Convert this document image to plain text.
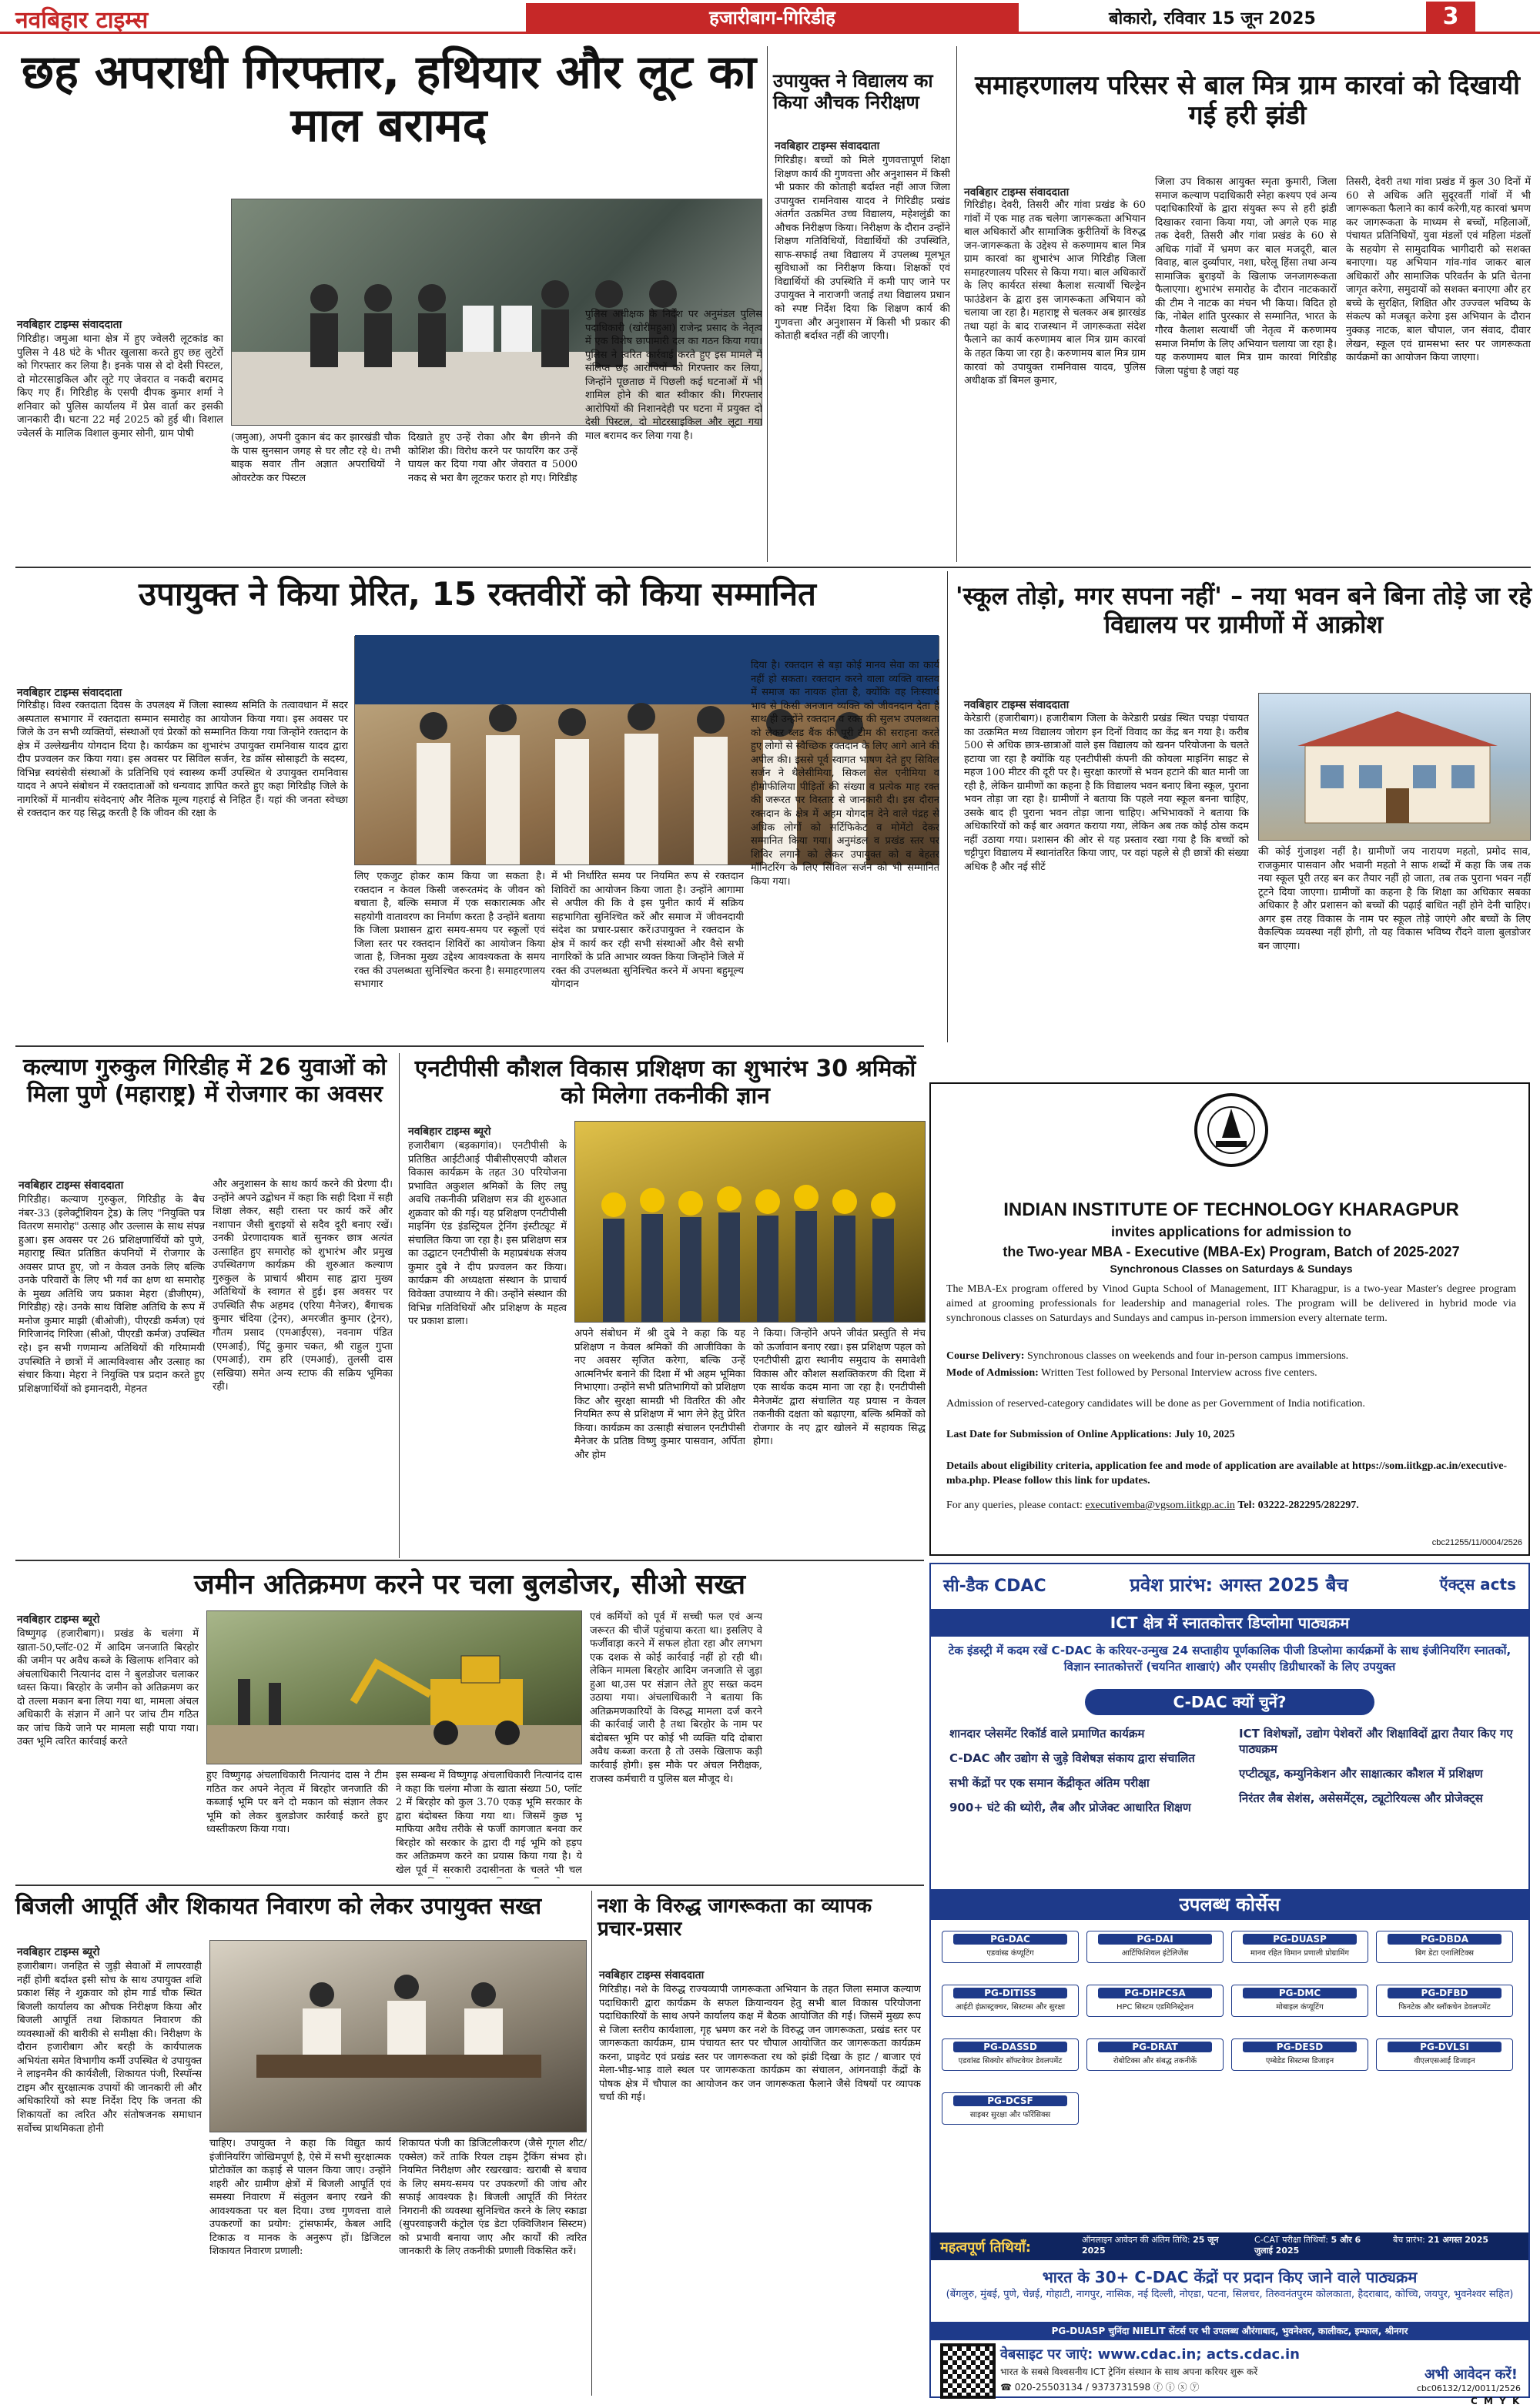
नवबिहार टाइम्स	हजारीबाग-गिरिडीह	बोकारो, रविवार 15 जून 2025	3
छह अपराधी गिरफ्तार, हथियार और लूट का माल बरामद
नवबिहार टाइम्स संवाददाता
गिरिडीह। जमुआ थाना क्षेत्र में हुए ज्वेलरी लूटकांड का पुलिस ने 48 घंटे के भीतर खुलासा करते हुए छह लुटेरों को गिरफ्तार कर लिया है। इनके पास से दो देसी पिस्टल, दो मोटरसाइकिल और लूटे गए जेवरात व नकदी बरामद किए गए हैं। गिरिडीह के एसपी दीपक कुमार शर्मा ने शनिवार को पुलिस कार्यालय में प्रेस वार्ता कर इसकी जानकारी दी। घटना 22 मई 2025 को हुई थी। विशाल ज्वेलर्स के मालिक विशाल कुमार सोनी, ग्राम पोषी	(जमुआ), अपनी दुकान बंद कर झारखंडी चौक के पास सुनसान जगह से घर लौट रहे थे। तभी बाइक सवार तीन अज्ञात अपराधियों ने ओवरटेक कर पिस्टल
दिखाते हुए उन्हें रोका और बैग छीनने की कोशिश की। विरोध करने पर फायरिंग कर उन्हें घायल कर दिया गया और जेवरात व 5000 नकद से भरा बैग लूटकर फरार हो गए। गिरिडीह
पुलिस अधीक्षक के निर्देश पर अनुमंडल पुलिस पदाधिकारी (खोरीमहुआ) राजेन्द्र प्रसाद के नेतृत्व में एक विशेष छापामारी दल का गठन किया गया। पुलिस ने त्वरित कार्रवाई करते हुए इस मामले में संलिप्त छह आरोपियों को गिरफ्तार कर लिया, जिन्होंने पूछताछ में पिछली कई घटनाओं में भी शामिल होने की बात स्वीकार की। गिरफ्तार आरोपियों की निशानदेही पर घटना में प्रयुक्त दो देसी पिस्टल, दो मोटरसाइकिल और लूटा गया माल बरामद कर लिया गया है।
उपायुक्त ने विद्यालय का किया औचक निरीक्षण
नवबिहार टाइम्स संवाददाता
गिरिडीह। बच्चों को मिले गुणवत्तापूर्ण शिक्षा शिक्षण कार्य की गुणवत्ता और अनुशासन में किसी भी प्रकार की कोताही बर्दाश्त नहीं आज जिला उपायुक्त रामनिवास यादव ने गिरिडीह प्रखंड अंतर्गत उत्क्रमित उच्च विद्यालय, महेशलुंडी का औचक निरीक्षण किया। निरीक्षण के दौरान उन्होंने शिक्षण गतिविधियों, विद्यार्थियों की उपस्थिति, साफ-सफाई तथा विद्यालय में उपलब्ध मूलभूत सुविधाओं का निरीक्षण किया। शिक्षकों एवं विद्यार्थियों की उपस्थिति में कमी पाए जाने पर उपायुक्त ने नाराजगी जताई तथा विद्यालय प्रधान को स्पष्ट निर्देश दिया कि शिक्षण कार्य की गुणवत्ता और अनुशासन में किसी भी प्रकार की कोताही बर्दाश्त नहीं की जाएगी।
समाहरणालय परिसर से बाल मित्र ग्राम कारवां को दिखायी गई हरी झंडी
नवबिहार टाइम्स संवाददाता
गिरिडीह। देवरी, तिसरी और गांवा प्रखंड के 60 गांवों में एक माह तक चलेगा जागरूकता अभियान बाल अधिकारों और सामाजिक कुरीतियों के विरुद्ध जन-जागरूकता के उद्देश्य से करुणामय बाल मित्र ग्राम कारवां का शुभारंभ आज गिरिडीह जिला समाहरणालय परिसर से किया गया। बाल अधिकारों के लिए कार्यरत संस्था कैलाश सत्यार्थी चिल्ड्रेन फाउंडेशन के द्वारा इस जागरूकता अभियान को चलाया जा रहा है। महाराष्ट्र से चलकर अब झारखंड तथा यहां के बाद राजस्थान में जागरूकता संदेश फैलाने का कार्य करुणामय बाल मित्र ग्राम कारवां के तहत किया जा रहा है। करुणामय बाल मित्र ग्राम कारवां को उपायुक्त रामनिवास यादव, पुलिस अधीक्षक डॉ बिमल कुमार,
जिला उप विकास आयुक्त स्मृता कुमारी, जिला समाज कल्याण पदाधिकारी स्नेहा कश्यप एवं अन्य पदाधिकारियों के द्वारा संयुक्त रूप से हरी झंडी दिखाकर रवाना किया गया, जो अगले एक माह तक देवरी, तिसरी और गांवा प्रखंड के 60 से अधिक गांवों में भ्रमण कर बाल मजदूरी, बाल विवाह, बाल दुर्व्यापार, नशा, घरेलू हिंसा तथा अन्य सामाजिक बुराइयों के खिलाफ जनजागरूकता फैलाएगा। शुभारंभ समारोह के दौरान नाटककारों की टीम ने नाटक का मंचन भी किया। विदित हो कि, नोबेल शांति पुरस्कार से सम्मानित, भारत के गौरव कैलाश सत्यार्थी जी नेतृत्व में करुणामय समाज निर्माण के लिए अभियान चलाया जा रहा है। यह करुणामय बाल मित्र ग्राम कारवां गिरिडीह जिला पहुंचा है जहां यह
तिसरी, देवरी तथा गांवा प्रखंड में कुल 30 दिनों में 60 से अधिक अति सुदूरवर्ती गांवों में भी जागरूकता फैलाने का कार्य करेगी,यह कारवां भ्रमण कर जागरूकता के माध्यम से बच्चों, महिलाओं, पंचायत प्रतिनिधियों, युवा मंडलों एवं महिला मंडलों के सहयोग से सामुदायिक भागीदारी को सशक्त बनाएगा। यह अभियान गांव-गांव जाकर बाल अधिकारों और सामाजिक परिवर्तन के प्रति चेतना जागृत करेगा, समुदायों को सशक्त बनाएगा और हर बच्चे के सुरक्षित, शिक्षित और उज्ज्वल भविष्य के संकल्प को मजबूत करेगा इस अभियान के दौरान नुक्कड़ नाटक, बाल चौपाल, जन संवाद, दीवार लेखन, स्कूल एवं ग्रामसभा स्तर पर जागरूकता कार्यक्रमों का आयोजन किया जाएगा।
उपायुक्त ने किया प्रेरित, 15 रक्तवीरों को किया सम्मानित
नवबिहार टाइम्स संवाददाता
गिरिडीह। विश्व रक्तदाता दिवस के उपलक्ष्य में जिला स्वास्थ्य समिति के तत्वावधान में सदर अस्पताल सभागार में रक्तदाता सम्मान समारोह का आयोजन किया गया। इस अवसर पर जिले के उन सभी व्यक्तियों, संस्थाओं एवं प्रेरकों को सम्मानित किया गया जिन्होंने रक्तदान के क्षेत्र में उल्लेखनीय योगदान दिया है। कार्यक्रम का शुभारंभ उपायुक्त रामनिवास यादव द्वारा दीप प्रज्वलन कर किया गया। इस अवसर पर सिविल सर्जन, रेड क्रॉस सोसाइटी के सदस्य, विभिन्न स्वयंसेवी संस्थाओं के प्रतिनिधि एवं स्वास्थ्य कर्मी उपस्थित थे उपायुक्त रामनिवास यादव ने अपने संबोधन में रक्तदाताओं को धन्यवाद ज्ञापित करते हुए कहा गिरिडीह जिले के नागरिकों में मानवीय संवेदनाएं और नैतिक मूल्य गहराई से निहित हैं। यहां की जनता स्वेच्छा से रक्तदान कर यह सिद्ध करती है कि जीवन की रक्षा के
लिए एकजुट होकर काम किया जा सकता है। रक्तदान न केवल किसी जरूरतमंद के जीवन को बचाता है, बल्कि समाज में एक सकारात्मक और सहयोगी वातावरण का निर्माण करता है उन्होंने बताया कि जिला प्रशासन द्वारा समय-समय पर स्कूलों एवं जिला स्तर पर रक्तदान शिविरों का आयोजन किया जाता है, जिनका मुख्य उद्देश्य आवश्यकता के समय रक्त की उपलब्धता सुनिश्चित करना है। समाहरणालय सभागार
में भी निर्धारित समय पर नियमित रूप से रक्तदान शिविरों का आयोजन किया जाता है। उन्होंने आगामा से अपील की कि वे इस पुनीत कार्य में सक्रिय सहभागिता सुनिश्चित करें और समाज में जीवनदायी संदेश का प्रचार-प्रसार करें।उपायुक्त ने रक्तदान के क्षेत्र में कार्य कर रही सभी संस्थाओं और वैसे सभी नागरिकों के प्रति आभार व्यक्त किया जिन्होंने जिले में रक्त की उपलब्धता सुनिश्चित करने में अपना बहुमूल्य योगदान
दिया है। रक्तदान से बड़ा कोई मानव सेवा का कार्य नहीं हो सकता। रक्तदान करने वाला व्यक्ति वास्तव में समाज का नायक होता है, क्योंकि वह निःस्वार्थ भाव से किसी अनजान व्यक्ति को जीवनदान देता है साथ ही उन्होंने रक्तदान व रक्त की सुलभ उपलब्धता को लेकर ब्लड बैंक की पूरी टीम की सराहना करते हुए लोगों से स्वैच्छिक रक्तदान के लिए आगे आने की अपील की। इससे पूर्व स्वागत भाषण देते हुए सिविल सर्जन ने थैलेसीमिया, सिकल सेल एनीमिया व हीमोफीलिया पीड़ितों की संख्या व प्रत्येक माह रक्त की जरूरत पर विस्तार से जानकारी दी। इस दौरान रक्तदान के क्षेत्र में अहम योगदान देने वाले पंद्रह से अधिक लोगों को सर्टिफिकेट व मोमेंटो देकर सम्मानित किया गया। अनुमंडल व प्रखंड स्तर पर शिविर लगाने को लेकर उपायुक्त को व बेहतर मॉनिटरिंग के लिए सिविल सर्जन को भी सम्मानित किया गया।
'स्कूल तोड़ो, मगर सपना नहीं' – नया भवन बने बिना तोड़े जा रहे विद्यालय पर ग्रामीणों में आक्रोश
नवबिहार टाइम्स संवाददाता
केरेडारी (हजारीबाग)। हजारीबाग जिला के केरेडारी प्रखंड स्थित पचड़ा पंचायत का उत्क्रमित मध्य विद्यालय जोराग इन दिनों विवाद का केंद्र बन गया है। करीब 500 से अधिक छात्र-छात्राओं वाले इस विद्यालय को खनन परियोजना के चलते हटाया जा रहा है क्योंकि यह एनटीपीसी कंपनी की कोयला माइनिंग साइट से महज 100 मीटर की दूरी पर है। सुरक्षा कारणों से भवन हटाने की बात मानी जा रही है, लेकिन ग्रामीणों का कहना है कि विद्यालय भवन बनाए बिना स्कूल, पुराना भवन तोड़ा जा रहा है। ग्रामीणों ने बताया कि पहले नया स्कूल बनना चाहिए, उसके बाद ही पुराना भवन तोड़ा जाना चाहिए। अभिभावकों ने बताया कि अधिकारियों को कई बार अवगत कराया गया, लेकिन अब तक कोई ठोस कदम नहीं उठाया गया। प्रशासन की ओर से यह प्रस्ताव रखा गया है कि बच्चों को चट्टीपुरा विद्यालय में स्थानांतरित किया जाए, पर वहां पहले से ही छात्रों की संख्या अधिक है और नई सीटें
की कोई गुंजाइश नहीं है। ग्रामीणों जय नारायण महतो, प्रमोद साव, राजकुमार पासवान और भवानी महतो ने साफ शब्दों में कहा कि जब तक नया स्कूल पूरी तरह बन कर तैयार नहीं हो जाता, तब तक पुराना भवन नहीं टूटने दिया जाएगा। ग्रामीणों का कहना है कि शिक्षा का अधिकार सबका अधिकार है और प्रशासन को बच्चों की पढ़ाई बाधित नहीं होने देनी चाहिए। अगर इस तरह विकास के नाम पर स्कूल तोड़े जाएंगे और बच्चों के लिए वैकल्पिक व्यवस्था नहीं होगी, तो यह विकास भविष्य रौंदने वाला बुलडोजर बन जाएगा।
कल्याण गुरुकुल गिरिडीह में 26 युवाओं को मिला पुणे (महाराष्ट्र) में रोजगार का अवसर
नवबिहार टाइम्स संवाददाता
गिरिडीह। कल्याण गुरुकुल, गिरिडीह के बैच नंबर-33 (इलेक्ट्रीशियन ट्रेड) के लिए "नियुक्ति पत्र वितरण समारोह" उत्साह और उल्लास के साथ संपन्न हुआ। इस अवसर पर 26 प्रशिक्षणार्थियों को पुणे, महाराष्ट्र स्थित प्रतिष्ठित कंपनियों में रोजगार के अवसर प्राप्त हुए, जो न केवल उनके लिए बल्कि उनके परिवारों के लिए भी गर्व का क्षण था समारोह के मुख्य अतिथि जय प्रकाश मेहरा (डीजीएम), गिरिडीह) रहे। उनके साथ विशिष्ट अतिथि के रूप में मनोज कुमार माझी (बीओजी), पीएरडी कर्मज) एवं गिरिजानंद गिरिजा (सीओ, पीएरडी कर्मज) उपस्थित रहे। इन सभी गणमान्य अतिथियों की गरिमामयी उपस्थिति ने छात्रों में आत्मविश्वास और उत्साह का संचार किया। मेहरा ने नियुक्ति पत्र प्रदान करते हुए प्रशिक्षणार्थियों को इमानदारी, मेहनत
और अनुशासन के साथ कार्य करने की प्रेरणा दी। उन्होंने अपने उद्बोधन में कहा कि सही दिशा में सही शिक्षा लेकर, सही रास्ता पर कार्य करें और नशापान जैसी बुराइयों से सदैव दूरी बनाए रखें। उनकी प्रेरणादायक बातें सुनकर छात्र अत्यंत उत्साहित हुए समारोह को शुभारंभ और प्रमुख उपस्थितगण कार्यक्रम की शुरुआत कल्याण गुरुकुल के प्राचार्य श्रीराम साह द्वारा मुख्य अतिथियों के स्वागत से हुई। इस अवसर पर उपस्थिति सैफ अहमद (एरिया मैनेजर), बैंगाचक कुमार चंदिया (ट्रेनर), अमरजीत कुमार (ट्रेनर), गौतम प्रसाद (एमआईएस), नवनाम पंडित (एमआई), पिंटू कुमार चकत, श्री राहुल गुप्ता (एमआई), राम हरि (एमआई), तुलसी दास (सखिया) समेत अन्य स्टाफ की सक्रिय भूमिका रही।
एनटीपीसी कौशल विकास प्रशिक्षण का शुभारंभ 30 श्रमिकों को मिलेगा तकनीकी ज्ञान
नवबिहार टाइम्स ब्यूरो
हजारीबाग (बड़कागांव)। एनटीपीसी के प्रतिष्ठित आईटीआई पीबीसीएसएपी कौशल विकास कार्यक्रम के तहत 30 परियोजना प्रभावित अकुशल श्रमिकों के लिए लघु अवधि तकनीकी प्रशिक्षण सत्र की शुरुआत शुक्रवार को की गई। यह प्रशिक्षण एनटीपीसी माइनिंग एंड इंडस्ट्रियल ट्रेनिंग इंस्टीट्यूट में संचालित किया जा रहा है। इस प्रशिक्षण सत्र का उद्घाटन एनटीपीसी के महाप्रबंधक संजय कुमार दुबे ने दीप प्रज्वलन कर किया। कार्यक्रम की अध्यक्षता संस्थान के प्राचार्य विवेक्ता उपाध्याय ने की। उन्होंने संस्थान की विभिन्न गतिविधियों और प्रशिक्षण के महत्व पर प्रकाश डाला।
अपने संबोधन में श्री दुबे ने कहा कि यह प्रशिक्षण न केवल श्रमिकों की आजीविका के नए अवसर सृजित करेगा, बल्कि उन्हें आत्मनिर्भर बनाने की दिशा में भी अहम भूमिका निभाएगा। उन्होंने सभी प्रतिभागियों को प्रशिक्षण किट और सुरक्षा सामग्री भी वितरित की और नियमित रूप से प्रशिक्षण में भाग लेने हेतु प्रेरित किया। कार्यक्रम का उत्साही संचालन एनटीपीसी मैनेजर के प्रतिष्ठ विष्णु कुमार पासवान, अर्पिता और होम
ने किया। जिन्होंने अपने जीवंत प्रस्तुति से मंच को ऊर्जावान बनाए रखा। इस प्रशिक्षण पहल को एनटीपीसी द्वारा स्थानीय समुदाय के समावेशी विकास और कौशल सशक्तिकरण की दिशा में एक सार्थक कदम माना जा रहा है। एनटीपीसी मैनेजमेंट द्वारा संचालित यह प्रयास न केवल तकनीकी दक्षता को बढ़ाएगा, बल्कि श्रमिकों को रोजगार के नए द्वार खोलने में सहायक सिद्ध होगा।
INDIAN INSTITUTE OF TECHNOLOGY KHARAGPUR
invites applications for admission to
the Two-year MBA - Executive (MBA-Ex) Program, Batch of 2025-2027
Synchronous Classes on Saturdays & Sundays
The MBA-Ex program offered by Vinod Gupta School of Management, IIT Kharagpur, is a two-year Master's degree program aimed at grooming professionals for leadership and managerial roles. The program will be delivered in hybrid mode via synchronous classes on Saturdays and Sundays and campus in-person immersion every alternate term.
Course Delivery: Synchronous classes on weekends and four in-person campus immersions.
Mode of Admission: Written Test followed by Personal Interview across five centers.
Admission of reserved-category candidates will be done as per Government of India notification.
Last Date for Submission of Online Applications: July 10, 2025
Details about eligibility criteria, application fee and mode of application are available at https://som.iitkgp.ac.in/executive-mba.php. Please follow this link for updates.
For any queries, please contact: executivemba@vgsom.iitkgp.ac.in Tel: 03222-282295/282297.
cbc21255/11/0004/2526
जमीन अतिक्रमण करने पर चला बुलडोजर, सीओ सख्त
नवबिहार टाइम्स ब्यूरो
विष्णुगढ़ (हजारीबाग)। प्रखंड के चलंगा में खाता-50,प्लॉट-02 में आदिम जनजाति बिरहोर की जमीन पर अवैध कब्जे के खिलाफ शनिवार को अंचलाधिकारी नित्यानंद दास ने बुलडोजर चलाकर ध्वस्त किया। बिरहोर के जमीन को अतिक्रमण कर दो तल्ला मकान बना लिया गया था, मामला अंचल अधिकारी के संज्ञान में आने पर जांच टीम गठित कर जांच किये जाने पर मामला सही पाया गया। उक्त भूमि त्वरित कार्रवाई करते
हुए विष्णुगढ़ अंचलाधिकारी नित्यानंद दास ने टीम गठित कर अपने नेतृत्व में बिरहोर जनजाति की कब्जाई भूमि पर बने दो मकान को संज्ञान लेकर भूमि को लेकर बुलडोजर कार्रवाई करते हुए ध्वस्तीकरण किया गया।
इस सम्बन्ध में विष्णुगढ़ अंचलाधिकारी नित्यानंद दास ने कहा कि चलंगा मौजा के खाता संख्या 50, प्लॉट 2 में बिरहोर को कुल 3.70 एकड़ भूमि सरकार के द्वारा बंदोबस्त किया गया था। जिसमें कुछ भू माफिया अवैध तरीके से फर्जी कागजात बनवा कर बिरहोर को सरकार के द्वारा दी गई भूमि को हड़प कर अतिक्रमण करने का प्रयास किया गया है। ये खेल पूर्व में सरकारी उदासीनता के चलते भी चल
एवं कर्मियों को पूर्व में सच्ची फल एवं अन्य जरूरत की चीजें पहुंचाया करता था। इसलिए वे फर्जीवाड़ा करने में सफल होता रहा और लगभग एक दशक से कोई कार्रवाई नहीं हो रही थी।लेकिन मामला बिरहोर आदिम जनजाति से जुड़ा हुआ था,उस पर संज्ञान लेते हुए सख्त कदम उठाया गया। अंचलाधिकारी ने बताया कि अतिक्रमणकारियों के विरुद्ध मामला दर्ज करने की कार्रवाई जारी है तथा बिरहोर के नाम पर बंदोबस्त भूमि पर कोई भी व्यक्ति यदि दोबारा अवैध कब्जा करता है तो उसके खिलाफ कड़ी कार्रवाई होगी। इस मौके पर अंचल निरीक्षक, राजस्व कर्मचारी व पुलिस बल मौजूद थे।
बिजली आपूर्ति और शिकायत निवारण को लेकर उपायुक्त सख्त
नवबिहार टाइम्स ब्यूरो
हजारीबाग। जनहित से जुड़ी सेवाओं में लापरवाही नहीं होगी बर्दाश्त इसी सोच के साथ उपायुक्त शशि प्रकाश सिंह ने शुक्रवार को होम गार्ड चौक स्थित बिजली कार्यालय का औचक निरीक्षण किया और बिजली आपूर्ति तथा शिकायत निवारण की व्यवस्थाओं की बारीकी से समीक्षा की। निरीक्षण के दौरान हजारीबाग और बरही के कार्यपालक अभियंता समेत विभागीय कर्मी उपस्थित थे उपायुक्त ने लाइनमैन की कार्यशैली, शिकायत पंजी, रिस्पॉन्स टाइम और सुरक्षात्मक उपायों की जानकारी ली और अधिकारियों को स्पष्ट निर्देश दिए कि जनता की शिकायतों का त्वरित और संतोषजनक समाधान सर्वोच्च प्राथमिकता होनी
चाहिए। उपायुक्त ने कहा कि विद्युत कार्य इंजीनियरिंग जोखिमपूर्ण है, ऐसे में सभी सुरक्षात्मक प्रोटोकॉल का कड़ाई से पालन किया जाए। उन्होंने शहरी और ग्रामीण क्षेत्रों में बिजली आपूर्ति एवं समस्या निवारण में संतुलन बनाए रखने की आवश्यकता पर बल दिया। उच्च गुणवत्ता वाले उपकरणों का प्रयोग: ट्रांसफार्मर, केबल आदि टिकाऊ व मानक के अनुरूप हों। डिजिटल शिकायत निवारण प्रणाली:
शिकायत पंजी का डिजिटलीकरण (जैसे गूगल शीट/एक्सेल) करें ताकि रियल टाइम ट्रैकिंग संभव हो। नियमित निरीक्षण और रखरखाव: खराबी से बचाव के लिए समय-समय पर उपकरणों की जांच और सफाई आवश्यक है। बिजली आपूर्ति की निरंतर निगरानी की व्यवस्था सुनिश्चित करने के लिए स्काडा (सुपरवाइजरी कंट्रोल एंड डेटा एक्विजिशन सिस्टम) को प्रभावी बनाया जाए और कार्यों की त्वरित जानकारी के लिए तकनीकी प्रणाली विकसित करें।
नशा के विरुद्ध जागरूकता का व्यापक प्रचार-प्रसार
नवबिहार टाइम्स संवाददाता
गिरिडीह। नशे के विरुद्ध राज्यव्यापी जागरूकता अभियान के तहत जिला समाज कल्याण पदाधिकारी द्वारा कार्यक्रम के सफल क्रियान्वयन हेतु सभी बाल विकास परियोजना पदाधिकारियों के साथ अपने कार्यालय कक्ष में बैठक आयोजित की गई। जिसमें मुख्य रूप से जिला स्तरीय कार्यशाला, गृह भ्रमण कर नशे के विरुद्ध जन जागरूकता, प्रखंड स्तर पर जागरूकता कार्यक्रम, ग्राम पंचायत स्तर पर चौपाल आयोजित कर जागरूकता कार्यक्रम करना, प्राइवेट एवं प्रखंड स्तर पर जागरूकता रथ को झंडी दिखा के हाट / बाजार एवं मेला-भीड़-भाड़ वाले स्थल पर जागरूकता कार्यक्रम का संचालन, आंगनवाड़ी केंद्रों के पोषक क्षेत्र में चौपाल का आयोजन कर जन जागरूकता फैलाने जैसे विषयों पर व्यापक चर्चा की गई।
सी-डैक CDAC	प्रवेश प्रारंभ: अगस्त 2025 बैच	ऍक्ट्स acts
ICT क्षेत्र में स्नातकोत्तर डिप्लोमा पाठ्यक्रम
टेक इंडस्ट्री में कदम रखें C-DAC के करियर-उन्मुख 24 सप्ताहीय पूर्णकालिक पीजी डिप्लोमा कार्यक्रमों के साथ इंजीनियरिंग स्नातकों, विज्ञान स्नातकोत्तरों (चयनित शाखाएं) और एमसीए डिग्रीधारकों के लिए उपयुक्त
C-DAC क्यों चुनें?
शानदार प्लेसमेंट रिकॉर्ड वाले प्रमाणित कार्यक्रम
C-DAC और उद्योग से जुड़े विशेषज्ञ संकाय द्वारा संचालित
सभी केंद्रों पर एक समान केंद्रीकृत अंतिम परीक्षा
900+ घंटे की थ्योरी, लैब और प्रोजेक्ट आधारित शिक्षण
ICT विशेषज्ञों, उद्योग पेशेवरों और शिक्षाविदों द्वारा तैयार किए गए पाठ्यक्रम
एप्टीट्यूड, कम्युनिकेशन और साक्षात्कार कौशल में प्रशिक्षण
निरंतर लैब सेशंस, असेसमेंट्स, ट्यूटोरियल्स और प्रोजेक्ट्स
उपलब्ध कोर्सेस
PG-DAC
एडवांस्ड कंप्यूटिंग
PG-DAI
आर्टिफिशियल इंटेलिजेंस
PG-DUASP
मानव रहित विमान प्रणाली प्रोग्रामिंग
PG-DBDA
बिग डेटा एनालिटिक्स
PG-DITISS
आईटी इंफ्रास्ट्रक्चर, सिस्टम्स और सुरक्षा
PG-DHPCSA
HPC सिस्टम एडमिनिस्ट्रेशन
PG-DMC
मोबाइल कंप्यूटिंग
PG-DFBD
फिनटेक और ब्लॉकचेन डेवलपमेंट
PG-DASSD
एडवांस्ड सिक्योर सॉफ्टवेयर डेवलपमेंट
PG-DRAT
रोबोटिक्स और संबद्ध तकनीकें
PG-DESD
एम्बेडेड सिस्टम्स डिजाइन
PG-DVLSI
वीएलएसआई डिजाइन
PG-DCSF
साइबर सुरक्षा और फॉरेंसिक्स
महत्वपूर्ण तिथियाँ:	ऑनलाइन आवेदन की अंतिम तिथि: 25 जून 2025
C-CAT परीक्षा तिथियाँ: 5 और 6 जुलाई 2025
बैच प्रारंभ: 21 अगस्त 2025
भारत के 30+ C-DAC केंद्रों पर प्रदान किए जाने वाले पाठ्यक्रम
(बेंगलुरु, मुंबई, पुणे, चेन्नई, गोहाटी, नागपुर, नासिक, नई दिल्ली, नोएडा, पटना, सिलचर, तिरुवनंतपुरम कोलकाता, हैदराबाद, कोच्चि, जयपुर, भुवनेश्वर सहित)
PG-DUASP चुनिंदा NIELIT सेंटर्स पर भी उपलब्ध औरंगाबाद, भुवनेश्वर, कालीकट, इम्फाल, श्रीनगर
वेबसाइट पर जाएं: www.cdac.in; acts.cdac.in
भारत के सबसे विश्वसनीय ICT ट्रेनिंग संस्थान के साथ अपना करियर शुरू करें
☎ 020-25503134 / 9373731598 ⓕ ⓘ ⓧ ⓨ
अभी आवेदन करें!
cbc06132/12/0011/2526
C M Y K
